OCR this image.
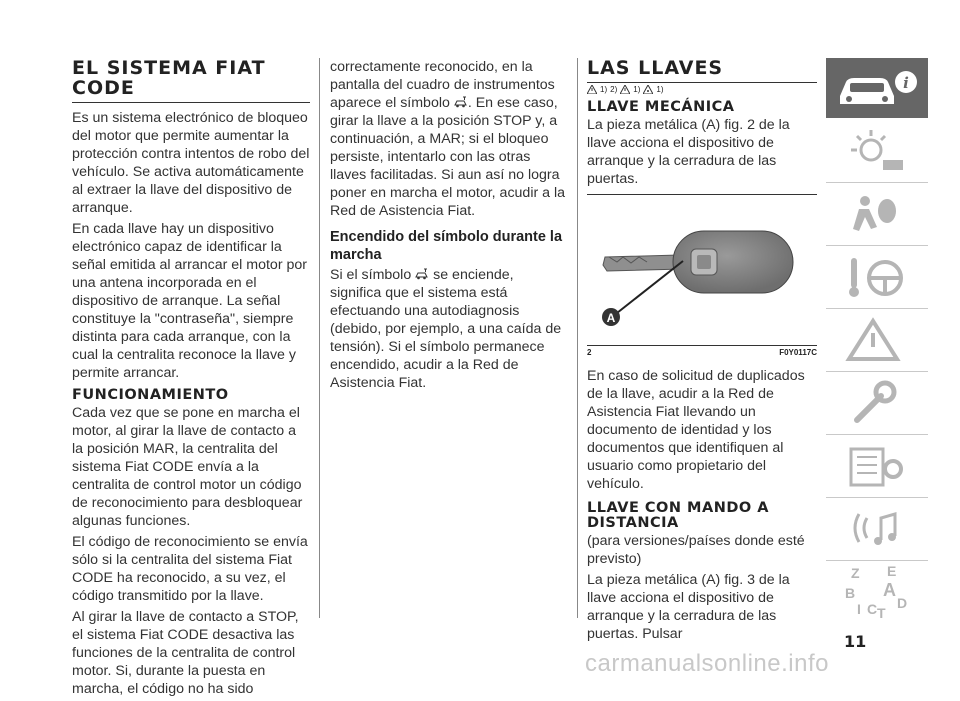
EL SISTEMA FIAT CODE

Es un sistema electrónico de bloqueo del motor que permite aumentar la protección contra intentos de robo del vehículo. Se activa automáticamente al extraer la llave del dispositivo de arranque.

En cada llave hay un dispositivo electrónico capaz de identificar la señal emitida al arrancar el motor por una antena incorporada en el dispositivo de arranque. La señal constituye la "contraseña", siempre distinta para cada arranque, con la cual la centralita reconoce la llave y permite arrancar.

FUNCIONAMIENTO

Cada vez que se pone en marcha el motor, al girar la llave de contacto a la posición MAR, la centralita del sistema Fiat CODE envía a la centralita de control motor un código de reconocimiento para desbloquear algunas funciones.

El código de reconocimiento se envía sólo si la centralita del sistema Fiat CODE ha reconocido, a su vez, el código transmitido por la llave.

Al girar la llave de contacto a STOP, el sistema Fiat CODE desactiva las funciones de la centralita de control motor. Si, durante la puesta en marcha, el código no ha sido

correctamente reconocido, en la pantalla del cuadro de instrumentos aparece el símbolo . En ese caso, girar la llave a la posición STOP y, a continuación, a MAR; si el bloqueo persiste, intentarlo con las otras llaves facilitadas. Si aun así no logra poner en marcha el motor, acudir a la Red de Asistencia Fiat.

Encendido del símbolo durante la marcha

Si el símbolo se enciende, significa que el sistema está efectuando una autodiagnosis (debido, por ejemplo, a una caída de tensión). Si el símbolo permanece encendido, acudir a la Red de Asistencia Fiat.

LAS LLAVES
1) 2) 1) 1)
LLAVE MECÁNICA

La pieza metálica (A) fig. 2 de la llave acciona el dispositivo de arranque y la cerradura de las puertas.

A
2	F0Y0117C

En caso de solicitud de duplicados de la llave, acudir a la Red de Asistencia Fiat llevando un documento de identidad y los documentos que identifiquen al usuario como propietario del vehículo.

LLAVE CON MANDO A DISTANCIA

(para versiones/países donde esté previsto)

La pieza metálica (A) fig. 3 de la llave acciona el dispositivo de arranque y la cerradura de las puertas. Pulsar

i
Z E
B A
I C T
D
11
carmanualsonline.info
